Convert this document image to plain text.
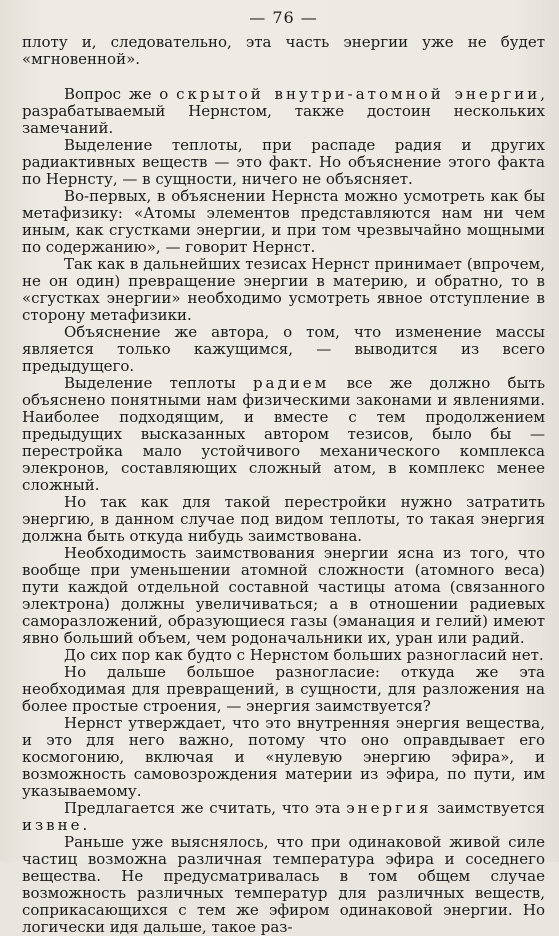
— 76 —

плоту и, следовательно, эта часть энергии уже не будет «мгновенной».

Вопрос же о скрытой внутри-атомной энергии, разрабатываемый Нернстом, также достоин нескольких замечаний.

Выделение теплоты, при распаде радия и других радиактивных веществ — это факт. Но объяснение этого факта по Нернсту, — в сущности, ничего не объясняет.

Во-первых, в объяснении Нернста можно усмотреть как бы метафизику: «Атомы элементов представляются нам ни чем иным, как сгустками энергии, и при том чрезвычайно мощными по содержанию», — говорит Нернст.

Так как в дальнейших тезисах Нернст принимает (впрочем, не он один) превращение энергии в материю, и обратно, то в «сгустках энергии» необходимо усмотреть явное отступление в сторону метафизики.

Объяснение же автора, о том, что изменение массы является только кажущимся, — выводится из всего предыдущего.

Выделение теплоты радием все же должно быть объяснено понятными нам физическими законами и явлениями. Наиболее подходящим, и вместе с тем продолжением предыдущих высказанных автором тезисов, было бы — перестройка мало устойчивого механического комплекса элекронов, составляющих сложный атом, в комплекс менее сложный.

Но так как для такой перестройки нужно затратить энергию, в данном случае под видом теплоты, то такая энергия должна быть откуда нибудь заимствована.

Необходимость заимствования энергии ясна из того, что вообще при уменьшении атомной сложности (атомного веса) пути каждой отдельной составной частицы атома (связанного электрона) должны увеличиваться; а в отношении радиевых самоpазложений, образующиеся газы (эманация и гелий) имеют явно больший объем, чем родоначальники их, уран или радий.

До сих пор как будто с Нернстом больших разногласий нет.

Но дальше большое разногласие: откуда же эта необходимая для превращений, в сущности, для разложения на более простые строения, — энергия заимствуется?

Нернст утверждает, что это внутренняя энергия вещества, и это для него важно, потому что оно оправдывает его космогонию, включая и «нулевую энергию эфира», и возможность самовозрождения материи из эфира, по пути, им указываемому.

Предлагается же считать, что эта энергия заимствуется извне.

Раньше уже выяснялось, что при одинаковой живой силе частиц возможна различная температура эфира и соседнего вещества. Не предусматривалась в том общем случае возможность различных температур для различных веществ, соприкасающихся с тем же эфиром одинаковой энергии. Но логически идя дальше, такое раз-
